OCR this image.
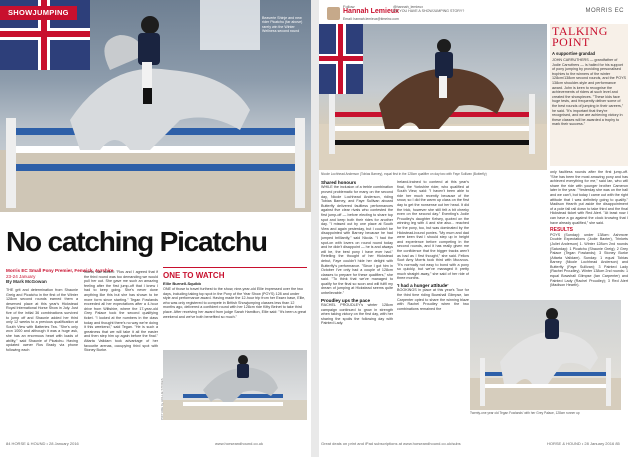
SHOWJUMPING
Beaverie Shinje and new rider Picatchu (far above) rarely win the Winter Wellness second round
No catching Picatchu
Morris EC Small Pony Premier, Fenwick, Ayrshire
23-24 January
By Mark McGowan
THE grit and determination from Shaunie Greig and Picatchu in the first of the Winter 128cm second rounds earned them a deserved place at this year's Hickstead Royal International Horse Show in July. Just five of the initial 36 combinations survived to jump off and Shaunie added her third only 12 weeks to a previous qualification at South View with Batteries Tea. "She's only won 1000 and although it was a huge ask, she has an enormous heart with loads of ability," said Shaunie of Picatchu. Having updated owner Ros Brady via phone following each
round, she added: "Ros and I agreed that if the third round was too demanding we would pull her out. She gave me such an amazing feeling after the first jump-off that I knew I had to keep going. She's never done anything like this but she has shown to be more form since starting." Tegan Fowlands exceeded all her expectations after a 4-hour drive from Wiltshire, where the 17-year-old Grey Palace took the second qualifying ticket. "I looked at the numbers in the class today and thought there's no way we're doing it this weekend," said Tegan. "He is such a greatness that we will take it all the easier and then step him up again before the final." Attarta Validam took advantage of her favourite arenas, occupying third spot with Stoney Burke.
ONE TO WATCH
Ellie Burnell-Squibb
ONE of those to travel furthest to the show, nine-year-old Ellie impressed over the two days, including taking top spot in the Pony of the Year Show (POYS) 128 and under style and performance award. Having made the 12-hour trip from her Essex base, Ellie, who was only registered to compete in British Showjumping classes less than 12 months ago, delivered a confident round with her 128cm ride Kitty Belnet to take third place. After receiving her award from judge Sarah Hamilton, Ellie said: "It's been a great weekend and we've both benefited so much."
PICTURE by HOLLIE STOKES
84 HORSE & HOUND • 28 January 2016	www.horseandhound.co.uk
Follow
Hannah Lemieux
@hannah_lemieux
DO YOU HAVE A SHOWJUMPING STORY?
Email: hannah.lemieux@timeinc.com
MORRIS EC
Nicole Lochhead Anderson (Tobias Barney), equal first in the 128cm qualifier on day two with Faye Sullivan (Butterfly)
TALKING POINT
A supportive grandad
JOHN CARRUTHERS — grandfather of Jodie Carruthers — is hailed for his support of pony jumping by providing personalised trophies to the winners of the winter 128cm/138cm second rounds, and the POYS 138cm shoulder-style and performance award. John is keen to recognise the achievements of riders at such level and created the showpieces. "These kids face huge tests, and frequently deliver some of the best rounds of jumping in their careers," he said. "It's important that they're recognised, and we are achieving victory in these classes will be awarded a trophy to mark their success."
Shared honours
WHILE the inclusion of a treble combination proved problematic for many on the second day, Nicole Lochhead Anderson, riding Tobias Barney, and Faye Sullivan aboard Butterfly delivered faultless performances against five clear rivals who contested the first jump-off — before electing to share top spot and keep both their rides for another day. "I missed out by one place at South View and again yesterday, but I couldn't be disappointed with Barney because he had jumped brilliantly," said Nicola. "I had the spot-on with lovers on round round today and he didn't disappoint — he is and always will be, the best pony I have ever had." Retelling the thought of her Hickstead debut, Faye couldn't hide her delight with Butterfly's performance. "Since I got him in October I've only had a couple of 128cm classes to prepare for these qualifiers," she said. "To think that we've managed to qualify for the final so soon and will fulfil my dream of jumping at Hickstead seems quite unbelievable."
Proudley ups the pace
RACHEL PROUDLEY's winter 128cm campaign continued to grow in strength when taking victory on the first day, with her sharing the spoils the following day with Painted Lady.
Ireland-trained to contend at this year's final, the Yorkshire rider, who qualified at South View, said: "I haven't been able to ride her much recently because of the snow, so I did the warm up class on the first day to get the nonsense out her head. It did the trick, however she still felt a bit cheeky even on the second day." Eventing's Jodie Proudley's daughter Kelsey, quoted on the winning leg with 4 and she also... reached for the pony, too, but was dominated by the Hickstead-bound ponies. "My mum and dad were keen that I should step up in height and experience before competing in the second rounds, and it has really given me the confidence that the bigger tracks aren't as bad as I first thought," she said. Fellow Scot Amy Morris took third with Muuvvus. "It's normally not easy to bond with a pony so quickly, but we've managed it pretty much straight away," she said of her ride of three months.
'I had a hunger attitude'
BOOKINGS in place at this year's Tour for the third time riding Bowshall Glimpse, Ian Carpenter opted to share the winning blaze with Rachel Proudley when the two combinations remained the
only faultless rounds after the first jump-off. "She has been the most amazing pony and has achieved everything for me," said Ian, who will share the ride with younger brother Cameron later in the year. "Yesterday she was on the ball and we can't, but today I came out with the right attitude that I was definitely going to qualify." Madison Hearth put aside the disappointment of a pole fall rail down to take third and the final Hickstead ticket with Red Alert. "At least now I can have a go against the clock knowing that I have already qualified," she said.
RESULTS
POYS (Sunday): under 138cm: Ashmore Double Expectations (Jodie Baxter), Trinkets (Juliet Anderson) 1. Winter 128cm 2nd rounds (Saturday): 1 Picatchu (Shaunie Greig); 2 Grey Palace (Tegan Fowlands); 3 Stoney Burke (Attarta Validam). Sunday: 1 equal Tobias Barney (Nicole Lochhead Anderson) and Butterfly (Faye Sullivan); 3 Painted Lady (Rachel Proudley). Winter 138cm 2nd rounds: 1 equal Bowshall Glimpse (Ian Carpenter) and Painted Lady (Rachel Proudley); 3 Red Alert (Madison Hearth).
Twenty-one year old Tegan Fowlands' with her Grey Palace, 128cm runner up
Great deals on print and iPad subscriptions at www.horseandhound.co.uk/subs	HORSE & HOUND • 28 January 2016 85
